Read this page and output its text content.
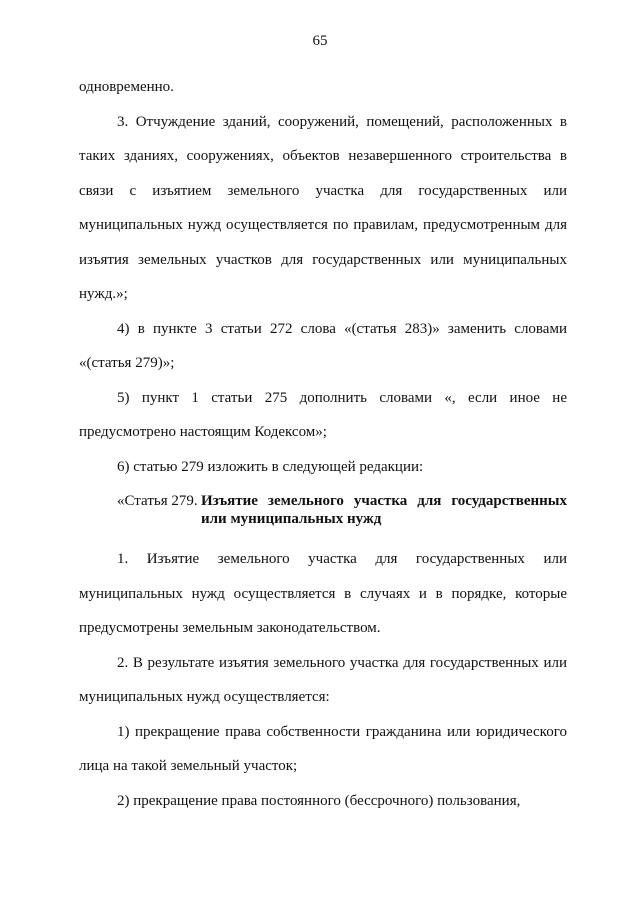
65

одновременно.

3. Отчуждение зданий, сооружений, помещений, расположенных в таких зданиях, сооружениях, объектов незавершенного строительства в связи с изъятием земельного участка для государственных или муниципальных нужд осуществляется по правилам, предусмотренным для изъятия земельных участков для государственных или муниципальных нужд.»;

4) в пункте 3 статьи 272 слова «(статья 283)» заменить словами «(статья 279)»;

5) пункт 1 статьи 275 дополнить словами «, если иное не предусмотрено настоящим Кодексом»;

6) статью 279 изложить в следующей редакции:

«Статья 279. Изъятие земельного участка для государственных или муниципальных нужд

1. Изъятие земельного участка для государственных или муниципальных нужд осуществляется в случаях и в порядке, которые предусмотрены земельным законодательством.

2. В результате изъятия земельного участка для государственных или муниципальных нужд осуществляется:

1) прекращение права собственности гражданина или юридического лица на такой земельный участок;

2) прекращение права постоянного (бессрочного) пользования,
